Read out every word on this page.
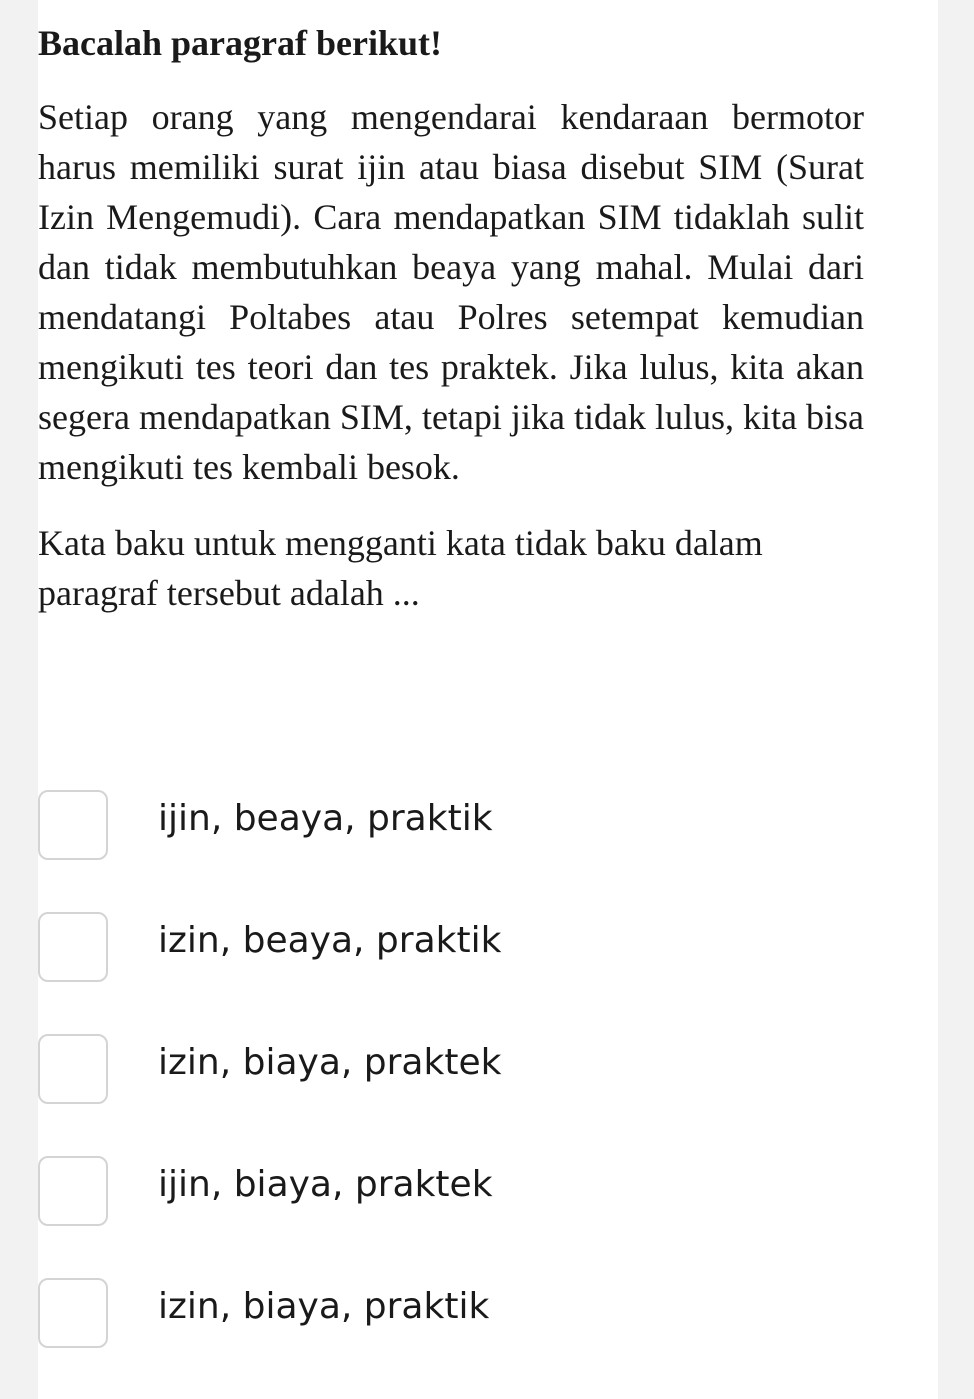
Bacalah paragraf berikut!

Setiap orang yang mengendarai kendaraan bermotor harus memiliki surat ijin atau biasa disebut SIM (Surat Izin Mengemudi). Cara mendapatkan SIM tidaklah sulit dan tidak membutuhkan beaya yang mahal. Mulai dari mendatangi Poltabes atau Polres setempat kemudian mengikuti tes teori dan tes praktek. Jika lulus, kita akan segera mendapatkan SIM, tetapi jika tidak lulus, kita bisa mengikuti tes kembali besok.

Kata baku untuk mengganti kata tidak baku dalam paragraf tersebut adalah ...

ijin, beaya, praktik
izin, beaya, praktik
izin, biaya, praktek
ijin, biaya, praktek
izin, biaya, praktik
